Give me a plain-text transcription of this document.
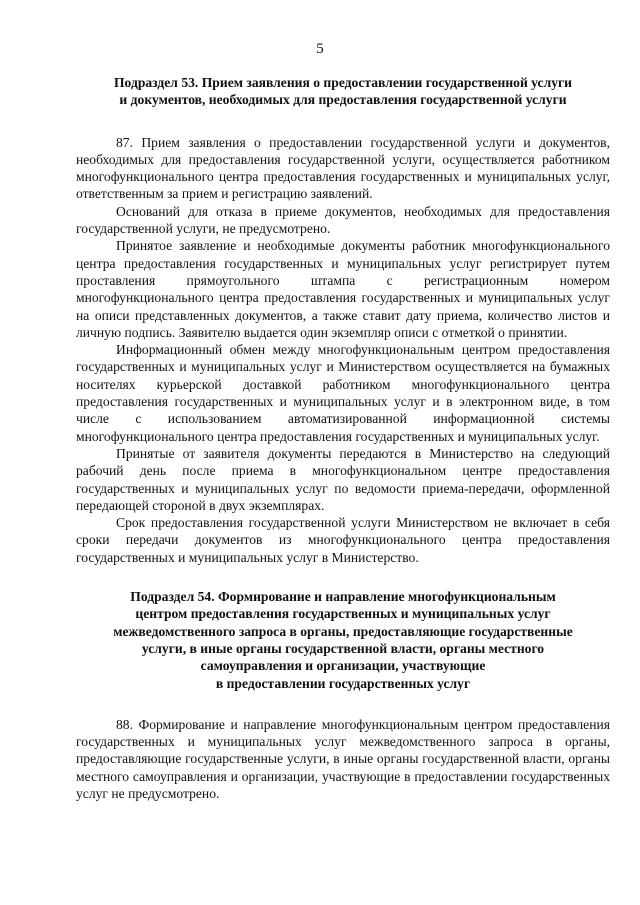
5
Подраздел 53. Прием заявления о предоставлении государственной услуги
и документов, необходимых для предоставления государственной услуги

87. Прием заявления о предоставлении государственной услуги и документов, необходимых для предоставления государственной услуги, осуществляется работником многофункционального центра предоставления государственных и муниципальных услуг, ответственным за прием и регистрацию заявлений.

Оснований для отказа в приеме документов, необходимых для предоставления государственной услуги, не предусмотрено.

Принятое заявление и необходимые документы работник многофункционального центра предоставления государственных и муниципальных услуг регистрирует путем проставления прямоугольного штампа с регистрационным номером многофункционального центра предоставления государственных и муниципальных услуг на описи представленных документов, а также ставит дату приема, количество листов и личную подпись. Заявителю выдается один экземпляр описи с отметкой о принятии.

Информационный обмен между многофункциональным центром предоставления государственных и муниципальных услуг и Министерством осуществляется на бумажных носителях курьерской доставкой работником многофункционального центра предоставления государственных и муниципальных услуг и в электронном виде, в том числе с использованием автоматизированной информационной системы многофункционального центра предоставления государственных и муниципальных услуг.

Принятые от заявителя документы передаются в Министерство на следующий рабочий день после приема в многофункциональном центре предоставления государственных и муниципальных услуг по ведомости приема-передачи, оформленной передающей стороной в двух экземплярах.

Срок предоставления государственной услуги Министерством не включает в себя сроки передачи документов из многофункционального центра предоставления государственных и муниципальных услуг в Министерство.

Подраздел 54. Формирование и направление многофункциональным
центром предоставления государственных и муниципальных услуг
межведомственного запроса в органы, предоставляющие государственные
услуги, в иные органы государственной власти, органы местного
самоуправления и организации, участвующие
в предоставлении государственных услуг

88. Формирование и направление многофункциональным центром предоставления государственных и муниципальных услуг межведомственного запроса в органы, предоставляющие государственные услуги, в иные органы государственной власти, органы местного самоуправления и организации, участвующие в предоставлении государственных услуг не предусмотрено.
